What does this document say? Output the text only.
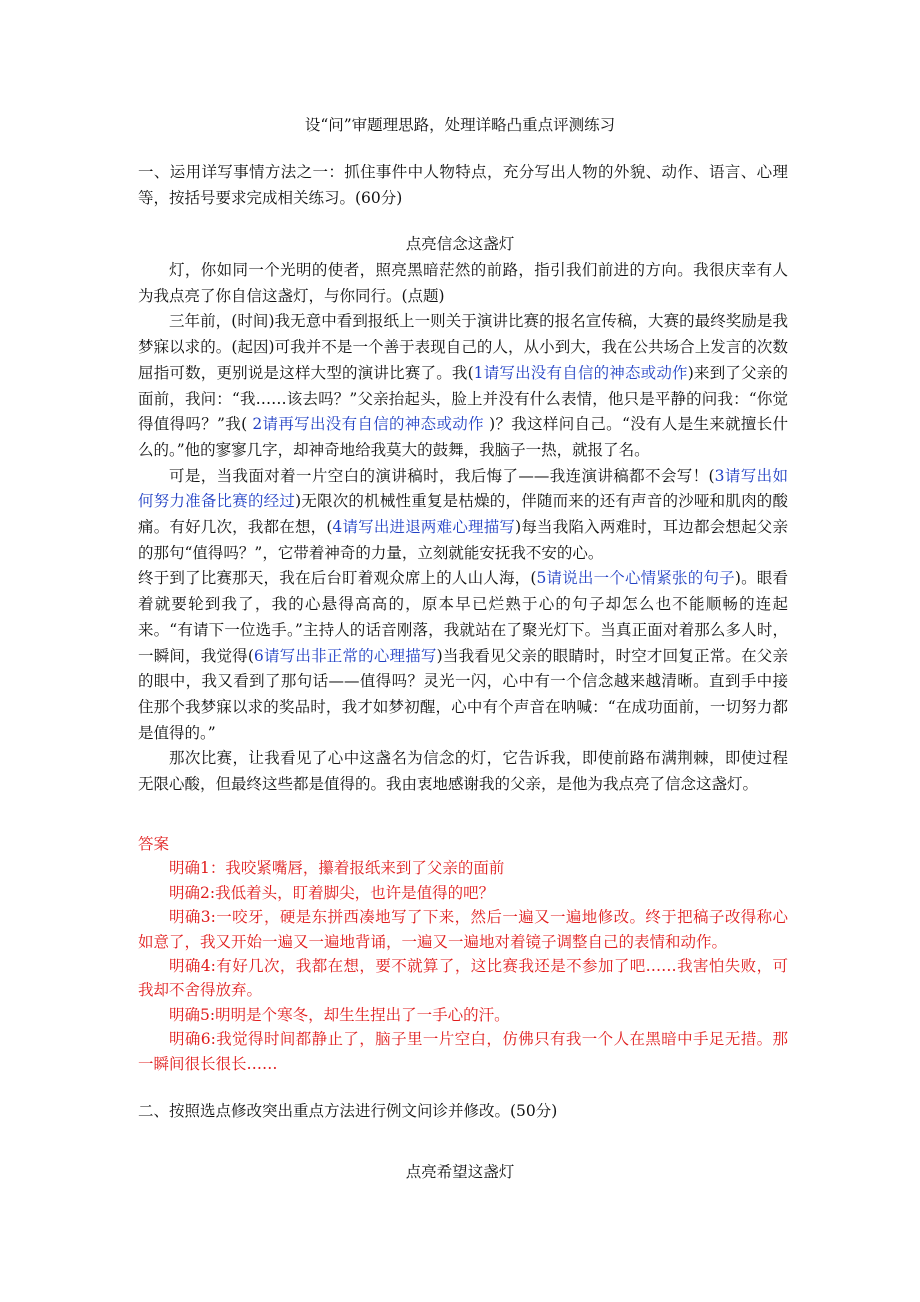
设“问”审题理思路，处理详略凸重点评测练习
一、运用详写事情方法之一：抓住事件中人物特点，充分写出人物的外貌、动作、语言、心理等，按括号要求完成相关练习。(60分)
点亮信念这盏灯

灯，你如同一个光明的使者，照亮黑暗茫然的前路，指引我们前进的方向。我很庆幸有人为我点亮了你自信这盏灯，与你同行。(点题)

三年前，(时间)我无意中看到报纸上一则关于演讲比赛的报名宣传稿，大赛的最终奖励是我梦寐以求的。(起因)可我并不是一个善于表现自己的人，从小到大，我在公共场合上发言的次数屈指可数，更别说是这样大型的演讲比赛了。我(1请写出没有自信的神态或动作)来到了父亲的面前，我问：“我……该去吗？”父亲抬起头，脸上并没有什么表情，他只是平静的问我：“你觉得值得吗？”我( 2请再写出没有自信的神态或动作 )？我这样问自己。“没有人是生来就擅长什么的。”他的寥寥几字，却神奇地给我莫大的鼓舞，我脑子一热，就报了名。

可是，当我面对着一片空白的演讲稿时，我后悔了——我连演讲稿都不会写！(3请写出如何努力准备比赛的经过)无限次的机械性重复是枯燥的，伴随而来的还有声音的沙哑和肌肉的酸痛。有好几次，我都在想，(4请写出进退两难心理描写)每当我陷入两难时，耳边都会想起父亲的那句“值得吗？”，它带着神奇的力量，立刻就能安抚我不安的心。

终于到了比赛那天，我在后台盯着观众席上的人山人海，(5请说出一个心情紧张的句子)。眼看着就要轮到我了，我的心悬得高高的，原本早已烂熟于心的句子却怎么也不能顺畅的连起来。“有请下一位选手。”主持人的话音刚落，我就站在了聚光灯下。当真正面对着那么多人时，一瞬间，我觉得(6请写出非正常的心理描写)当我看见父亲的眼睛时，时空才回复正常。在父亲的眼中，我又看到了那句话——值得吗？灵光一闪，心中有一个信念越来越清晰。直到手中接住那个我梦寐以求的奖品时，我才如梦初醒，心中有个声音在呐喊：“在成功面前，一切努力都是值得的。”

那次比赛，让我看见了心中这盏名为信念的灯，它告诉我，即使前路布满荆棘，即使过程无限心酸，但最终这些都是值得的。我由衷地感谢我的父亲，是他为我点亮了信念这盏灯。

答案

明确1：我咬紧嘴唇，攥着报纸来到了父亲的面前

明确2:我低着头，盯着脚尖，也许是值得的吧？

明确3:一咬牙，硬是东拼西凑地写了下来，然后一遍又一遍地修改。终于把稿子改得称心如意了，我又开始一遍又一遍地背诵，一遍又一遍地对着镜子调整自己的表情和动作。

明确4:有好几次，我都在想，要不就算了，这比赛我还是不参加了吧……我害怕失败，可我却不舍得放弃。

明确5:明明是个寒冬，却生生捏出了一手心的汗。

明确6:我觉得时间都静止了，脑子里一片空白，仿佛只有我一个人在黑暗中手足无措。那一瞬间很长很长……

二、按照选点修改突出重点方法进行例文问诊并修改。(50分)
点亮希望这盏灯
